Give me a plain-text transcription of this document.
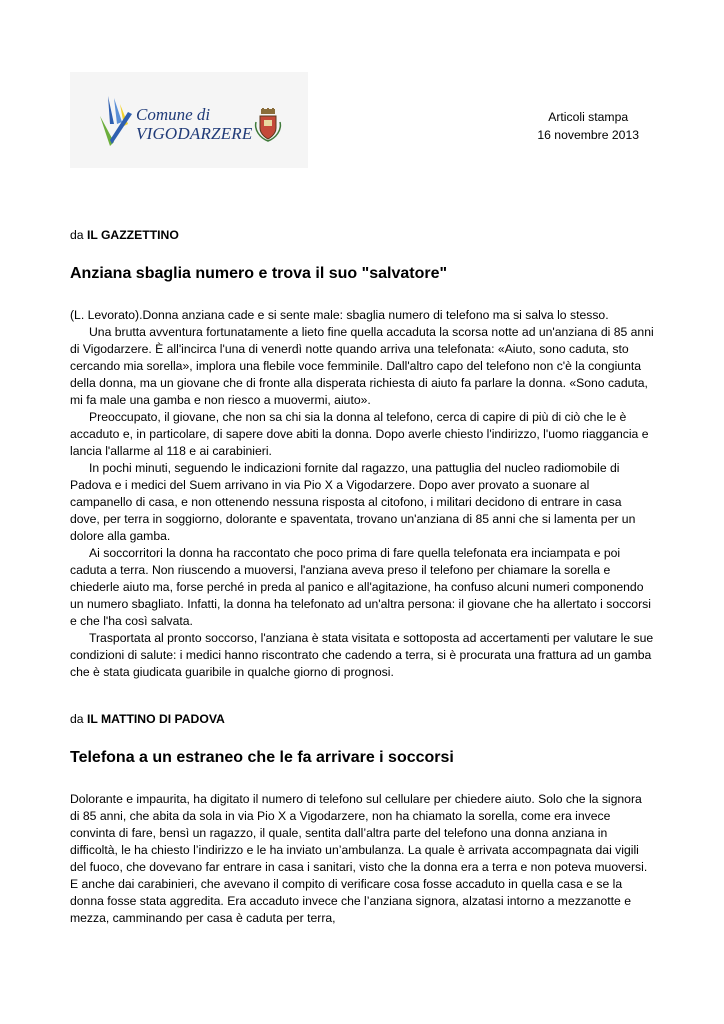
Comune di
VIGODARZERE
Articoli stampa
16 novembre 2013

da IL GAZZETTINO

Anziana sbaglia numero e trova il suo "salvatore"

(L. Levorato).Donna anziana cade e si sente male: sbaglia numero di telefono ma si salva lo stesso.

Una brutta avventura fortunatamente a lieto fine quella accaduta la scorsa notte ad un'anziana di 85 anni di Vigodarzere. È all'incirca l'una di venerdì notte quando arriva una telefonata: «Aiuto, sono caduta, sto cercando mia sorella», implora una flebile voce femminile. Dall'altro capo del telefono non c'è la congiunta della donna, ma un giovane che di fronte alla disperata richiesta di aiuto fa parlare la donna. «Sono caduta, mi fa male una gamba e non riesco a muovermi, aiuto».

Preoccupato, il giovane, che non sa chi sia la donna al telefono, cerca di capire di più di ciò che le è accaduto e, in particolare, di sapere dove abiti la donna. Dopo averle chiesto l'indirizzo, l'uomo riaggancia e lancia l'allarme al 118 e ai carabinieri.

In pochi minuti, seguendo le indicazioni fornite dal ragazzo, una pattuglia del nucleo radiomobile di Padova e i medici del Suem arrivano in via Pio X a Vigodarzere. Dopo aver provato a suonare al campanello di casa, e non ottenendo nessuna risposta al citofono, i militari decidono di entrare in casa dove, per terra in soggiorno, dolorante e spaventata, trovano un'anziana di 85 anni che si lamenta per un dolore alla gamba.

Ai soccorritori la donna ha raccontato che poco prima di fare quella telefonata era inciampata e poi caduta a terra. Non riuscendo a muoversi, l'anziana aveva preso il telefono per chiamare la sorella e chiederle aiuto ma, forse perché in preda al panico e all'agitazione, ha confuso alcuni numeri componendo un numero sbagliato. Infatti, la donna ha telefonato ad un'altra persona: il giovane che ha allertato i soccorsi e che l'ha così salvata.

Trasportata al pronto soccorso, l'anziana è stata visitata e sottoposta ad accertamenti per valutare le sue condizioni di salute: i medici hanno riscontrato che cadendo a terra, si è procurata una frattura ad un gamba che è stata giudicata guaribile in qualche giorno di prognosi.

da IL MATTINO DI PADOVA

Telefona a un estraneo che le fa arrivare i soccorsi

Dolorante e impaurita, ha digitato il numero di telefono sul cellulare per chiedere aiuto. Solo che la signora di 85 anni, che abita da sola in via Pio X a Vigodarzere, non ha chiamato la sorella, come era invece convinta di fare, bensì un ragazzo, il quale, sentita dall’altra parte del telefono una donna anziana in difficoltà, le ha chiesto l’indirizzo e le ha inviato un’ambulanza. La quale è arrivata accompagnata dai vigili del fuoco, che dovevano far entrare in casa i sanitari, visto che la donna era a terra e non poteva muoversi. E anche dai carabinieri, che avevano il compito di verificare cosa fosse accaduto in quella casa e se la donna fosse stata aggredita. Era accaduto invece che l’anziana signora, alzatasi intorno a mezzanotte e mezza, camminando per casa è caduta per terra,
